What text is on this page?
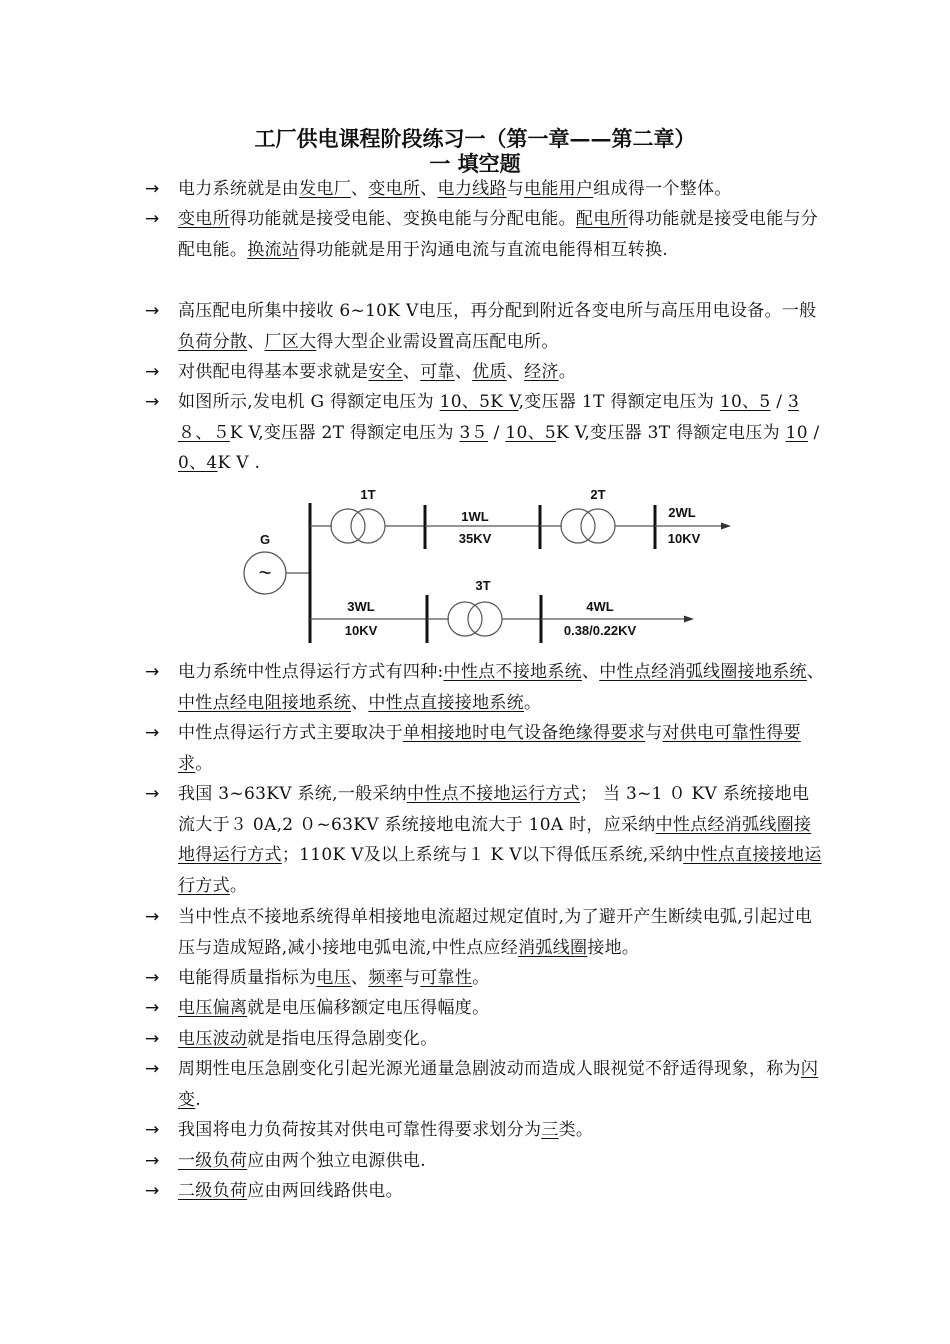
工厂供电课程阶段练习一（第一章——第二章）
一 填空题
→ 电力系统就是由发电厂、变电所、电力线路与电能用户组成得一个整体。
→ 变电所得功能就是接受电能、变换电能与分配电能。配电所得功能就是接受电能与分配电能。换流站得功能就是用于沟通电流与直流电能得相互转换.
→ 高压配电所集中接收 6~10K V电压，再分配到附近各变电所与高压用电设备。一般负荷分散、厂区大得大型企业需设置高压配电所。
→ 对供配电得基本要求就是安全、可靠、优质、经济。
→ 如图所示,发电机 G 得额定电压为 10、5K V,变压器 1T 得额定电压为 10、5 / 3８、５K V,变压器 2T 得额定电压为 3５ / 10、5K V,变压器 3T 得额定电压为 10 / 0、4K V .
→ 电力系统中性点得运行方式有四种:中性点不接地系统、中性点经消弧线圈接地系统、中性点经电阻接地系统、中性点直接接地系统。
→ 中性点得运行方式主要取决于单相接地时电气设备绝缘得要求与对供电可靠性得要求。
→ 我国 3~63KV 系统,一般采纳中性点不接地运行方式； 当 3~1 ０ KV 系统接地电流大于３ 0A,2 ０~63KV 系统接地电流大于 10A 时，应采纳中性点经消弧线圈接地得运行方式；110K V及以上系统与１ K V以下得低压系统,采纳中性点直接接地运行方式。
→ 当中性点不接地系统得单相接地电流超过规定值时,为了避开产生断续电弧,引起过电压与造成短路,减小接地电弧电流,中性点应经消弧线圈接地。
→ 电能得质量指标为电压、频率与可靠性。
→ 电压偏离就是电压偏移额定电压得幅度。
→ 电压波动就是指电压得急剧变化。
→ 周期性电压急剧变化引起光源光通量急剧波动而造成人眼视觉不舒适得现象，称为闪变.
→ 我国将电力负荷按其对供电可靠性得要求划分为三类。
→ 一级负荷应由两个独立电源供电.
→ 二级负荷应由两回线路供电。
~
G
1T
1WL
35KV
2T
2WL
10KV
3WL
10KV
3T
4WL
0.38/0.22KV
